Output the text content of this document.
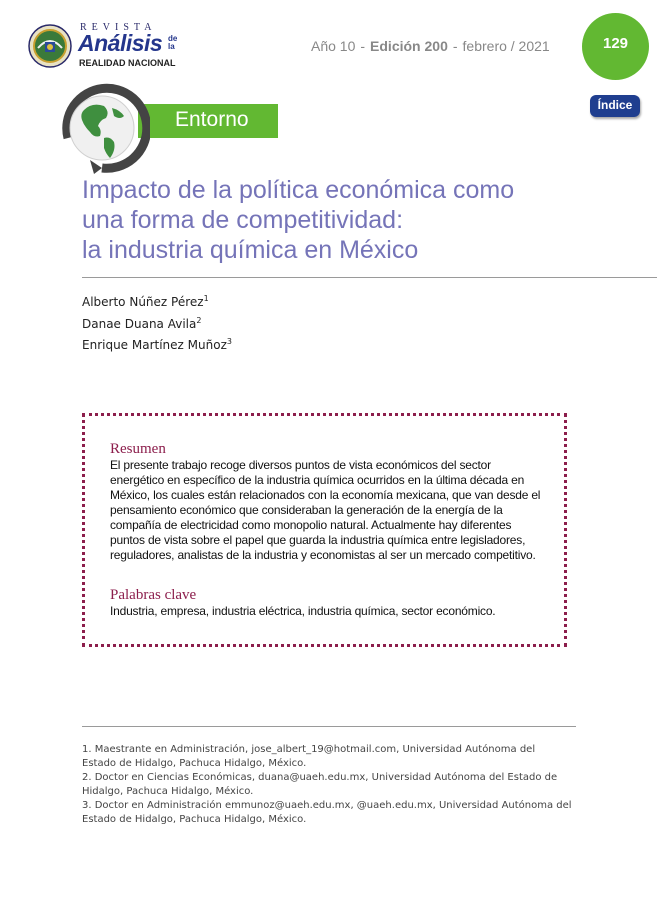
REVISTA
Análisis de la
REALIDAD NACIONAL
Año 10 - Edición 200 - febrero / 2021	129
Índice
Entorno
Impacto de la política económica como
una forma de competitividad:
la industria química en México
Alberto Núñez Pérez$^1$
Danae Duana Avila$^2$
Enrique Martínez Muñoz$^3$
Resumen

El presente trabajo recoge diversos puntos de vista económicos del sector energético en específico de la industria química ocurridos en la última década en México, los cuales están relacionados con la economía mexicana, que van desde el pensamiento económico que consideraban la generación de la energía de la compañía de electricidad como monopolio natural. Actualmente hay diferentes puntos de vista sobre el papel que guarda la industria química entre legisladores, reguladores, analistas de la industria y economistas al ser un mercado competitivo.

Palabras clave

Industria, empresa, industria eléctrica, industria química, sector económico.

1. Maestrante en Administración, jose_albert_19@hotmail.com, Universidad Autónoma del Estado de Hidalgo, Pachuca Hidalgo, México.

2. Doctor en Ciencias Económicas, duana@uaeh.edu.mx, Universidad Autónoma del Estado de Hidalgo, Pachuca Hidalgo, México.

3. Doctor en Administración emmunoz@uaeh.edu.mx, @uaeh.edu.mx, Universidad Autónoma del Estado de Hidalgo, Pachuca Hidalgo, México.
